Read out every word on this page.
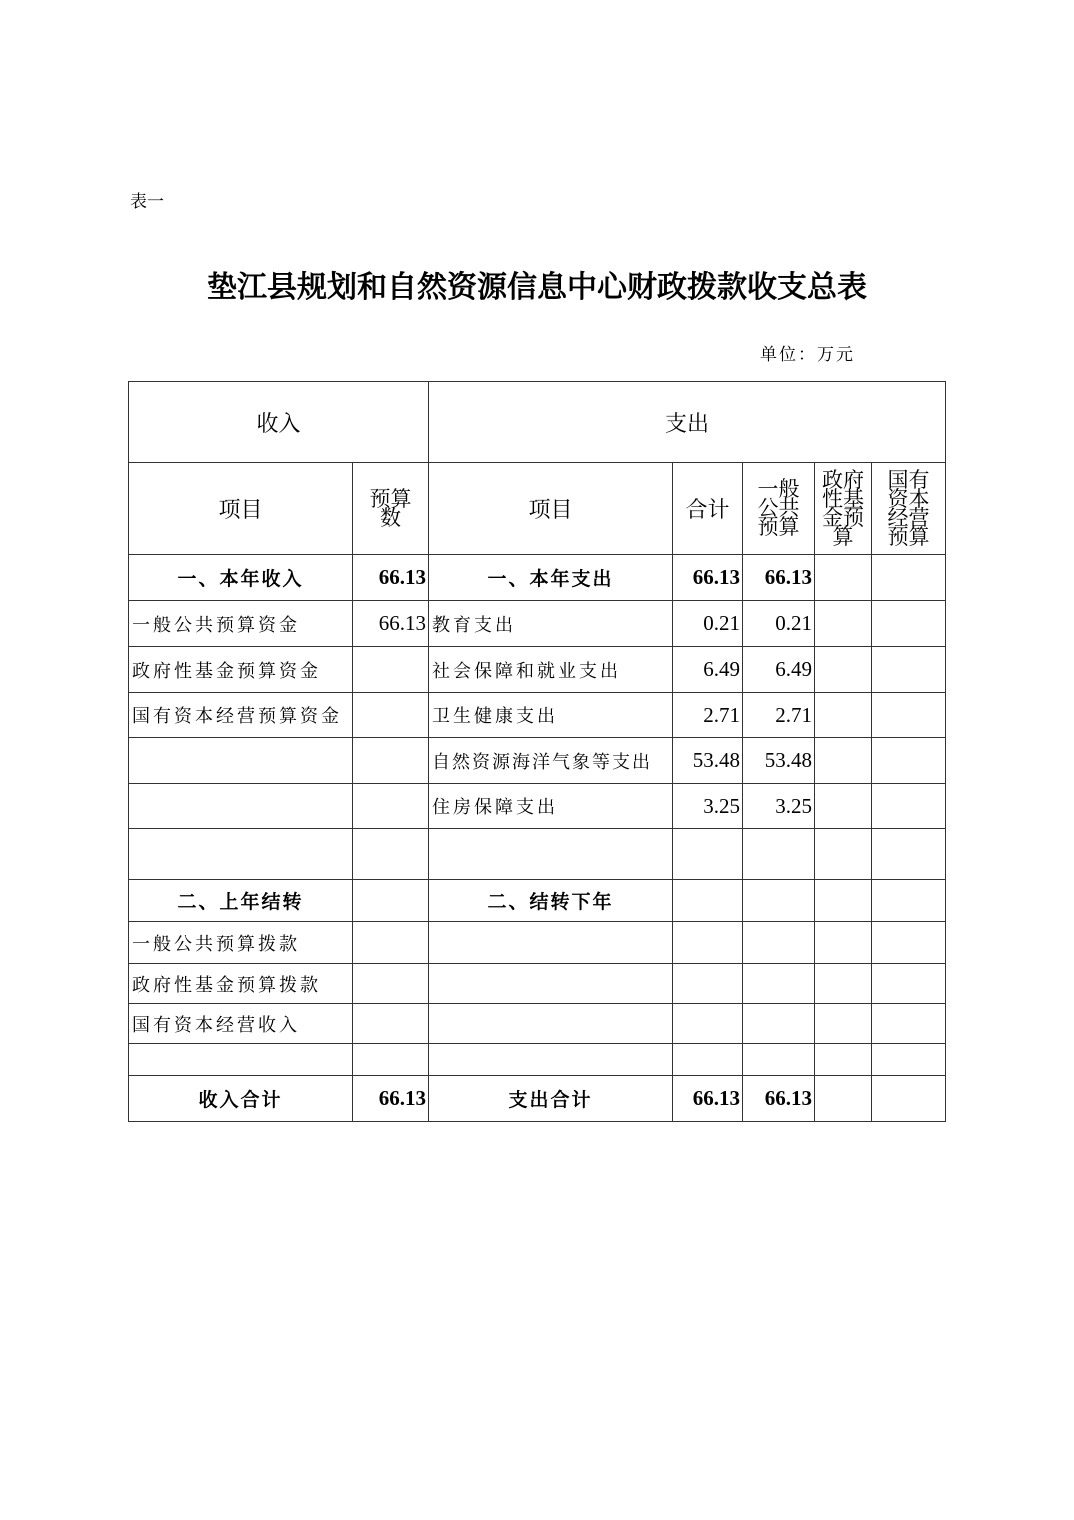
表一
垫江县规划和自然资源信息中心财政拨款收支总表
单位：万元
收入		支出				
项目	预算数	项目	合计	一般公共预算	政府性基金预算	国有资本经营预算
一、本年收入	66.13	一、本年支出	66.13	66.13		
一般公共预算资金	66.13	教育支出	0.21	0.21		
政府性基金预算资金		社会保障和就业支出	6.49	6.49		
国有资本经营预算资金		卫生健康支出	2.71	2.71		
		自然资源海洋气象等支出	53.48	53.48		
		住房保障支出	3.25	3.25		

二、上年结转		二、结转下年				
一般公共预算拨款						
政府性基金预算拨款						
国有资本经营收入						

收入合计	66.13	支出合计	66.13	66.13		
